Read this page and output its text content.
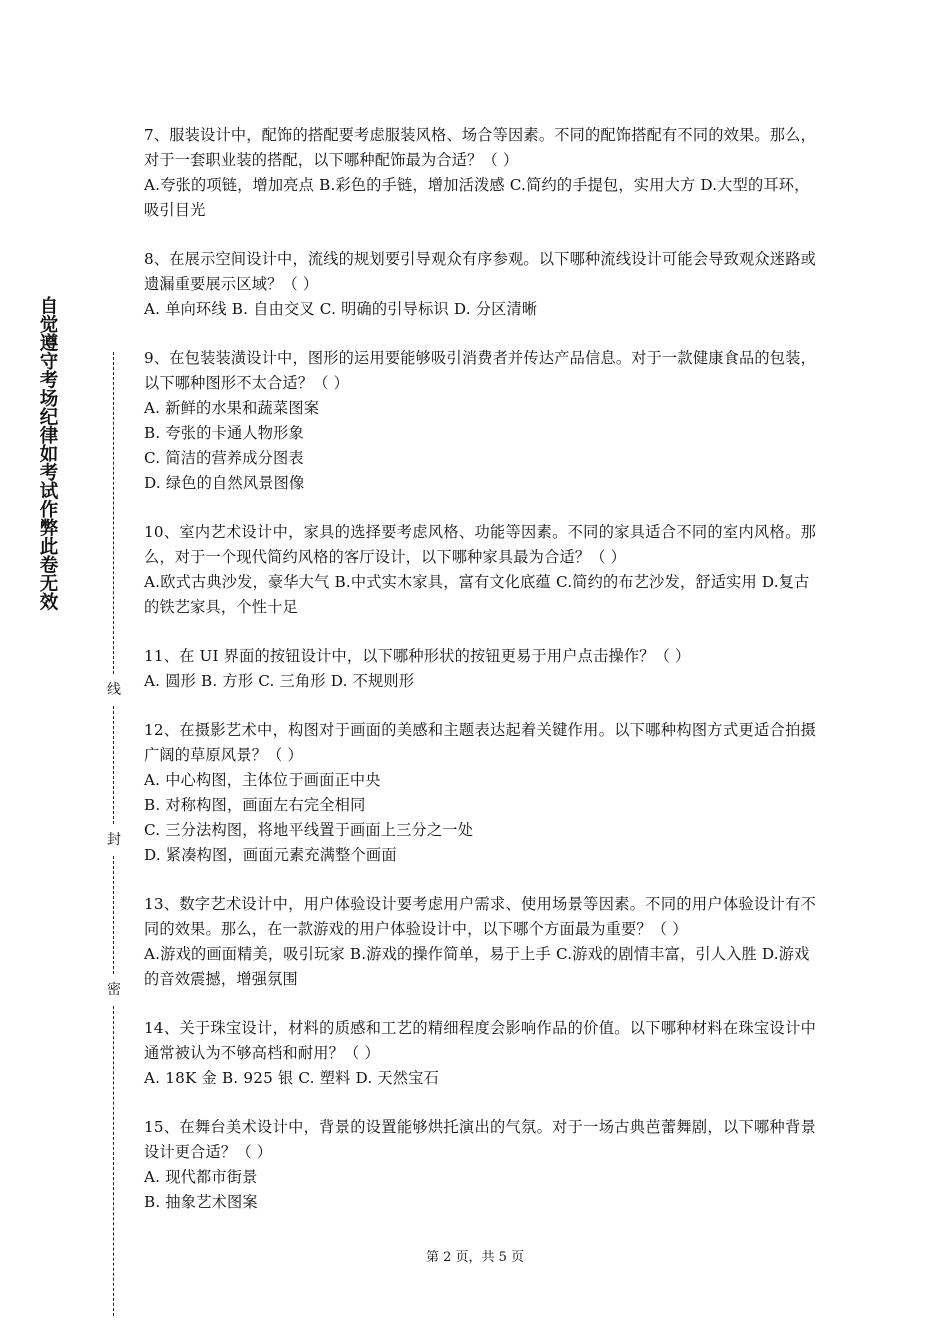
自觉遵守考场纪律如考试作弊此卷无效
线
封
密

7、服装设计中，配饰的搭配要考虑服装风格、场合等因素。不同的配饰搭配有不同的效果。那么，对于一套职业装的搭配，以下哪种配饰最为合适？（ ）

A.夸张的项链，增加亮点 B.彩色的手链，增加活泼感 C.简约的手提包，实用大方 D.大型的耳环，吸引目光

8、在展示空间设计中，流线的规划要引导观众有序参观。以下哪种流线设计可能会导致观众迷路或遗漏重要展示区域？（ ）

A. 单向环线 B. 自由交叉 C. 明确的引导标识 D. 分区清晰

9、在包装装潢设计中，图形的运用要能够吸引消费者并传达产品信息。对于一款健康食品的包装，以下哪种图形不太合适？（ ）

A. 新鲜的水果和蔬菜图案

B. 夸张的卡通人物形象

C. 简洁的营养成分图表

D. 绿色的自然风景图像

10、室内艺术设计中，家具的选择要考虑风格、功能等因素。不同的家具适合不同的室内风格。那么，对于一个现代简约风格的客厅设计，以下哪种家具最为合适？（ ）

A.欧式古典沙发，豪华大气 B.中式实木家具，富有文化底蕴 C.简约的布艺沙发，舒适实用 D.复古的铁艺家具，个性十足

11、在 UI 界面的按钮设计中，以下哪种形状的按钮更易于用户点击操作？（ ）

A. 圆形 B. 方形 C. 三角形 D. 不规则形

12、在摄影艺术中，构图对于画面的美感和主题表达起着关键作用。以下哪种构图方式更适合拍摄广阔的草原风景？（ ）

A. 中心构图，主体位于画面正中央

B. 对称构图，画面左右完全相同

C. 三分法构图，将地平线置于画面上三分之一处

D. 紧凑构图，画面元素充满整个画面

13、数字艺术设计中，用户体验设计要考虑用户需求、使用场景等因素。不同的用户体验设计有不同的效果。那么，在一款游戏的用户体验设计中，以下哪个方面最为重要？（ ）

A.游戏的画面精美，吸引玩家 B.游戏的操作简单，易于上手 C.游戏的剧情丰富，引人入胜 D.游戏的音效震撼，增强氛围

14、关于珠宝设计，材料的质感和工艺的精细程度会影响作品的价值。以下哪种材料在珠宝设计中通常被认为不够高档和耐用？（ ）

A. 18K 金 B. 925 银 C. 塑料 D. 天然宝石

15、在舞台美术设计中，背景的设置能够烘托演出的气氛。对于一场古典芭蕾舞剧，以下哪种背景设计更合适？（ ）

A. 现代都市街景

B. 抽象艺术图案

第 2 页，共 5 页
